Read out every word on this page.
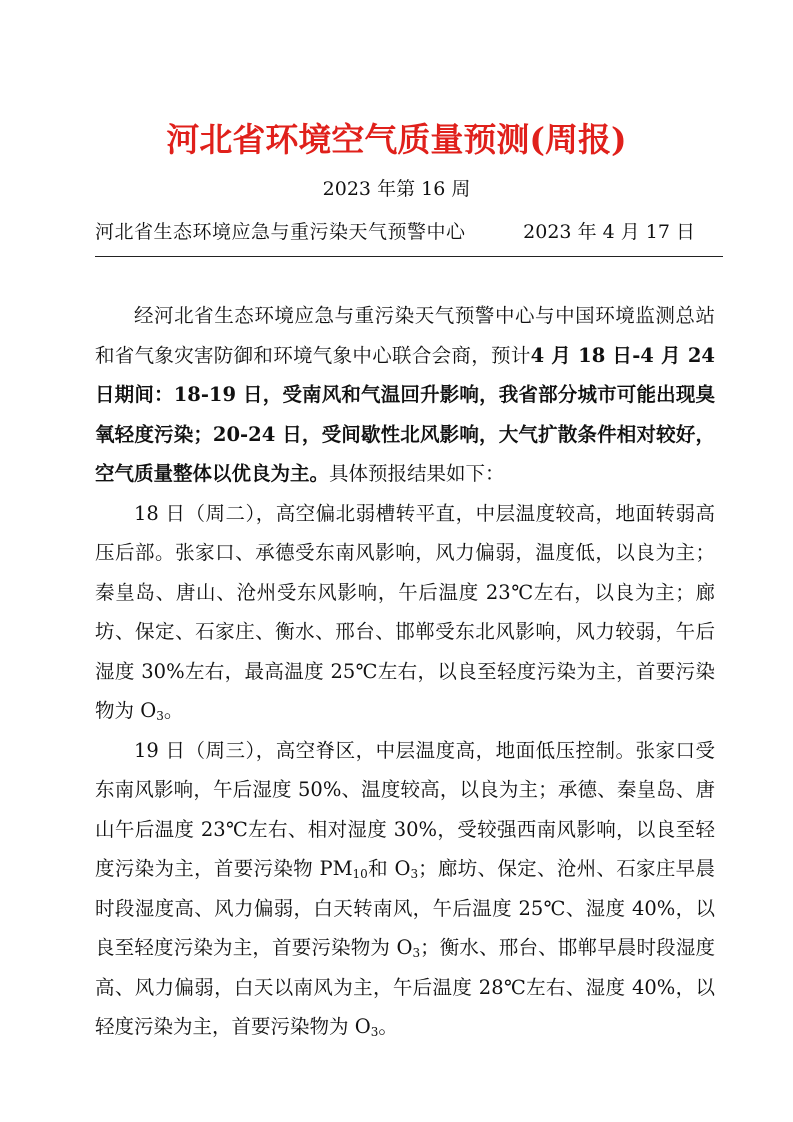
河北省环境空气质量预测(周报)
2023 年第 16 周
河北省生态环境应急与重污染天气预警中心	2023 年 4 月 17 日

经河北省生态环境应急与重污染天气预警中心与中国环境监测总站和省气象灾害防御和环境气象中心联合会商，预计4 月 18 日-4 月 24 日期间：18-19 日，受南风和气温回升影响，我省部分城市可能出现臭氧轻度污染；20-24 日，受间歇性北风影响，大气扩散条件相对较好，空气质量整体以优良为主。具体预报结果如下：

18 日（周二），高空偏北弱槽转平直，中层温度较高，地面转弱高压后部。张家口、承德受东南风影响，风力偏弱，温度低，以良为主；秦皇岛、唐山、沧州受东风影响，午后温度 23℃左右，以良为主；廊坊、保定、石家庄、衡水、邢台、邯郸受东北风影响，风力较弱，午后湿度 30%左右，最高温度 25℃左右，以良至轻度污染为主，首要污染物为 $O_3$。

19 日（周三），高空脊区，中层温度高，地面低压控制。张家口受东南风影响，午后湿度 50%、温度较高，以良为主；承德、秦皇岛、唐山午后温度 23℃左右、相对湿度 30%，受较强西南风影响，以良至轻度污染为主，首要污染物 $PM_{10}$和 $O_3$；廊坊、保定、沧州、石家庄早晨时段湿度高、风力偏弱，白天转南风，午后温度 25℃、湿度 40%，以良至轻度污染为主，首要污染物为 $O_3$；衡水、邢台、邯郸早晨时段湿度高、风力偏弱，白天以南风为主，午后温度 28℃左右、湿度 40%，以轻度污染为主，首要污染物为 $O_3$。
